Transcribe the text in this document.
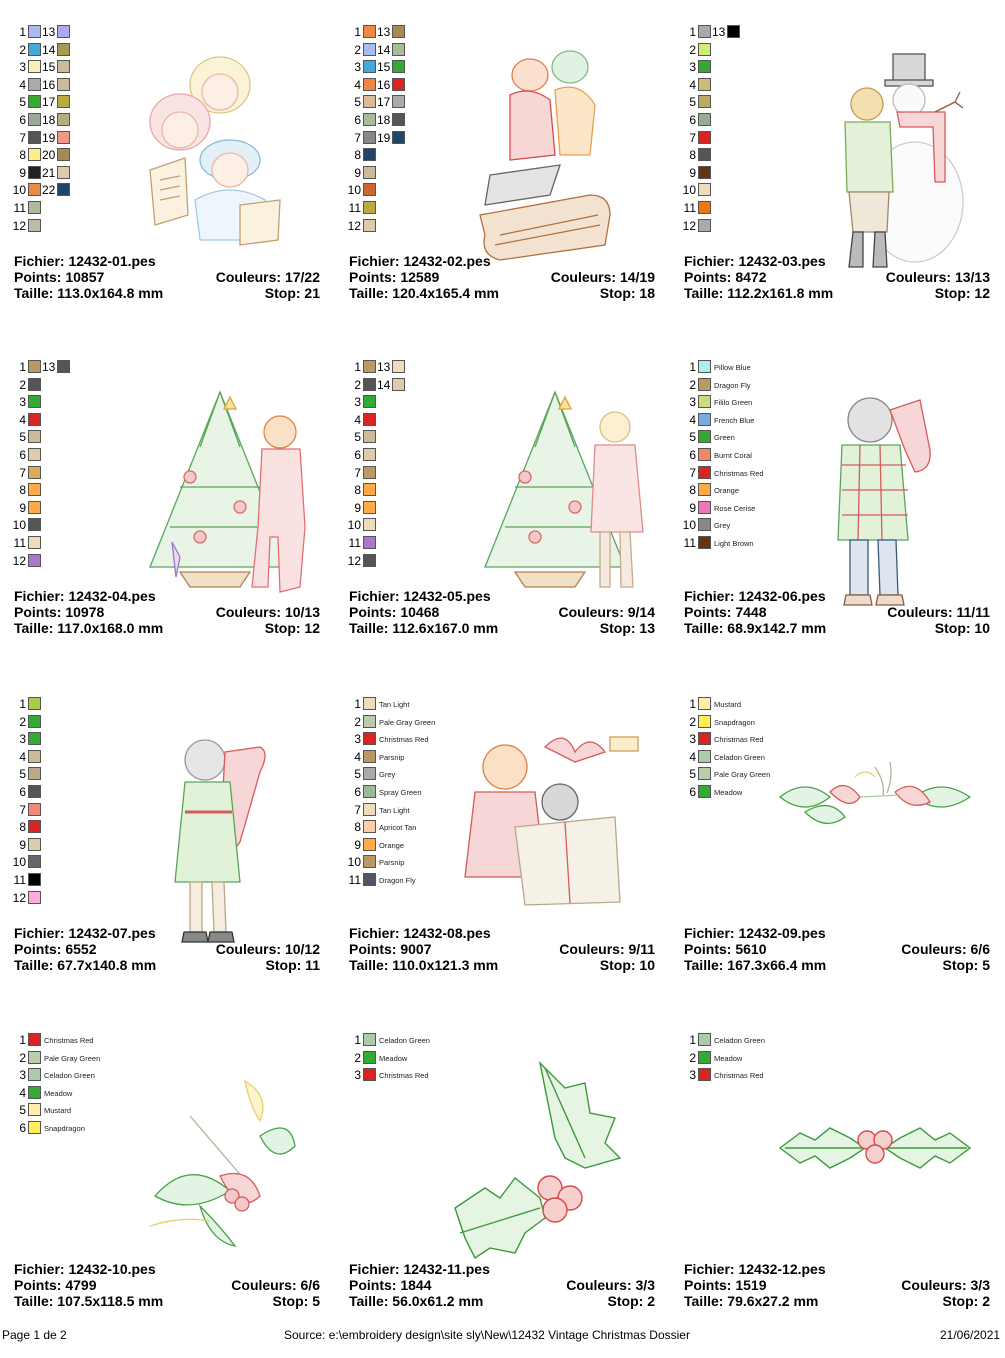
1
2
3
4
5
6
7
8
9
10
11
12
13
14
15
16
17
18
19
20
21
22
Fichier: 12432-01.pes
Points: 10857	Couleurs: 17/22
Taille: 113.0x164.8 mm	Stop: 21
1
2
3
4
5
6
7
8
9
10
11
12
13
14
15
16
17
18
19
Fichier: 12432-02.pes
Points: 12589	Couleurs: 14/19
Taille: 120.4x165.4 mm	Stop: 18
1
2
3
4
5
6
7
8
9
10
11
12
13
Fichier: 12432-03.pes
Points: 8472	Couleurs: 13/13
Taille: 112.2x161.8 mm	Stop: 12
1
2
3
4
5
6
7
8
9
10
11
12
13
Fichier: 12432-04.pes
Points: 10978	Couleurs: 10/13
Taille: 117.0x168.0 mm	Stop: 12
1
2
3
4
5
6
7
8
9
10
11
12
13
14
Fichier: 12432-05.pes
Points: 10468	Couleurs: 9/14
Taille: 112.6x167.0 mm	Stop: 13
1 Pillow Blue
2 Dragon Fly
3 Fililo Green
4 French Blue
5 Green
6 Burnt Coral
7 Christmas Red
8 Orange
9 Rose Cerise
10 Grey
11 Light Brown
Fichier: 12432-06.pes
Points: 7448	Couleurs: 11/11
Taille: 68.9x142.7 mm	Stop: 10
1
2
3
4
5
6
7
8
9
10
11
12
Fichier: 12432-07.pes
Points: 6552	Couleurs: 10/12
Taille: 67.7x140.8 mm	Stop: 11
1 Tan Light
2 Pale Gray Green
3 Christmas Red
4 Parsnip
5 Grey
6 Spray Green
7 Tan Light
8 Apricot Tan
9 Orange
10 Parsnip
11 Dragon Fly
Fichier: 12432-08.pes
Points: 9007	Couleurs: 9/11
Taille: 110.0x121.3 mm	Stop: 10
1 Mustard
2 Snapdragon
3 Christmas Red
4 Celadon Green
5 Pale Gray Green
6 Meadow
Fichier: 12432-09.pes
Points: 5610	Couleurs: 6/6
Taille: 167.3x66.4 mm	Stop: 5
1 Christmas Red
2 Pale Gray Green
3 Celadon Green
4 Meadow
5 Mustard
6 Snapdragon
Fichier: 12432-10.pes
Points: 4799	Couleurs: 6/6
Taille: 107.5x118.5 mm	Stop: 5
1 Celadon Green
2 Meadow
3 Christmas Red
Fichier: 12432-11.pes
Points: 1844	Couleurs: 3/3
Taille: 56.0x61.2 mm	Stop: 2
1 Celadon Green
2 Meadow
3 Christmas Red
Fichier: 12432-12.pes
Points: 1519	Couleurs: 3/3
Taille: 79.6x27.2 mm	Stop: 2
Page 1 de 2	Source: e:\embroidery design\site sly\New\12432 Vintage Christmas Dossier	21/06/2021
